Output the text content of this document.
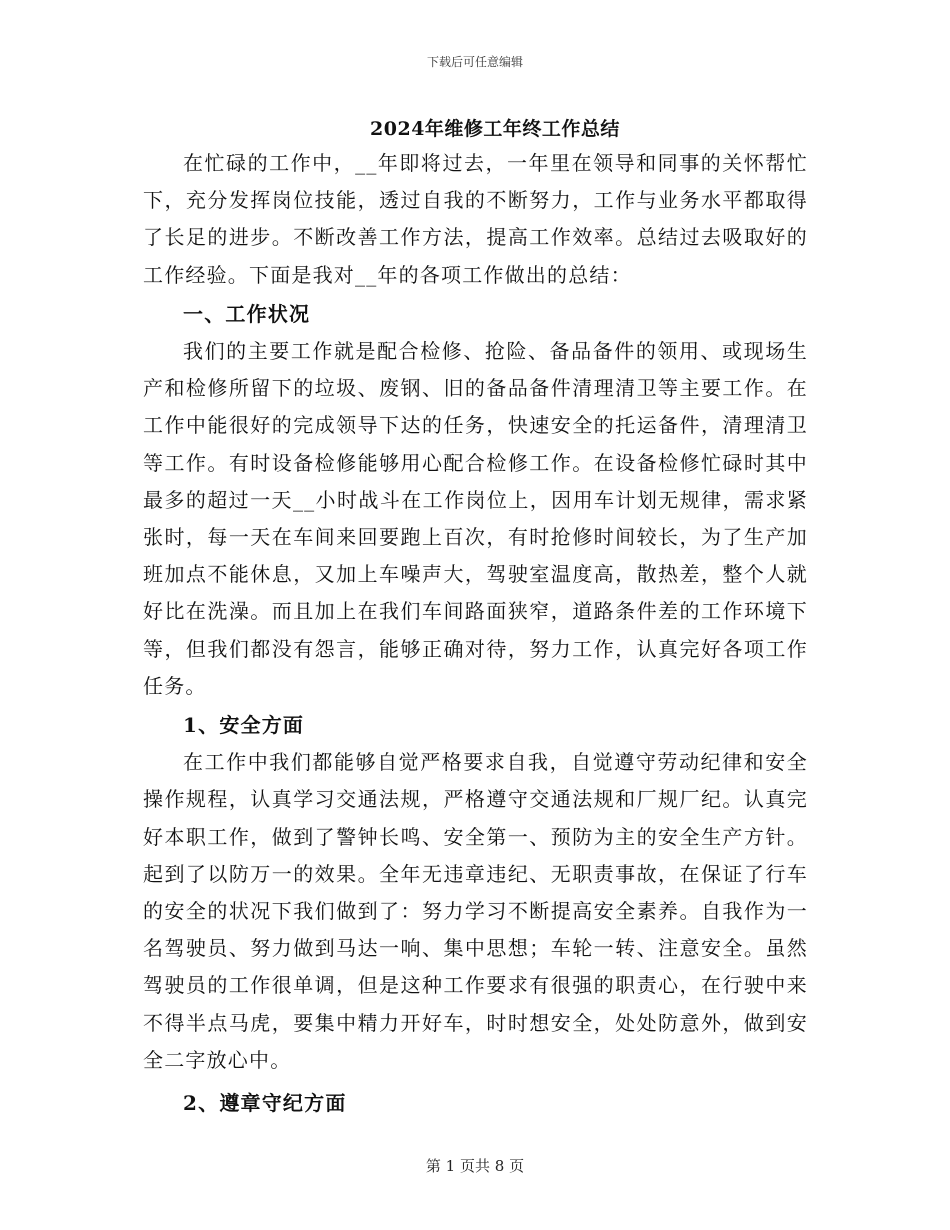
下载后可任意编辑
2024年维修工年终工作总结

在忙碌的工作中，__年即将过去，一年里在领导和同事的关怀帮忙下，充分发挥岗位技能，透过自我的不断努力，工作与业务水平都取得了长足的进步。不断改善工作方法，提高工作效率。总结过去吸取好的工作经验。下面是我对__年的各项工作做出的总结：

一、工作状况

我们的主要工作就是配合检修、抢险、备品备件的领用、或现场生产和检修所留下的垃圾、废钢、旧的备品备件清理清卫等主要工作。在工作中能很好的完成领导下达的任务，快速安全的托运备件，清理清卫等工作。有时设备检修能够用心配合检修工作。在设备检修忙碌时其中最多的超过一天__小时战斗在工作岗位上，因用车计划无规律，需求紧张时，每一天在车间来回要跑上百次，有时抢修时间较长，为了生产加班加点不能休息，又加上车噪声大，驾驶室温度高，散热差，整个人就好比在洗澡。而且加上在我们车间路面狭窄，道路条件差的工作环境下等，但我们都没有怨言，能够正确对待，努力工作，认真完好各项工作任务。

1、安全方面

在工作中我们都能够自觉严格要求自我，自觉遵守劳动纪律和安全操作规程，认真学习交通法规，严格遵守交通法规和厂规厂纪。认真完好本职工作，做到了警钟长鸣、安全第一、预防为主的安全生产方针。起到了以防万一的效果。全年无违章违纪、无职责事故，在保证了行车的安全的状况下我们做到了：努力学习不断提高安全素养。自我作为一名驾驶员、努力做到马达一响、集中思想；车轮一转、注意安全。虽然驾驶员的工作很单调，但是这种工作要求有很强的职责心，在行驶中来不得半点马虎，要集中精力开好车，时时想安全，处处防意外，做到安全二字放心中。

2、遵章守纪方面
第 1 页共 8 页
